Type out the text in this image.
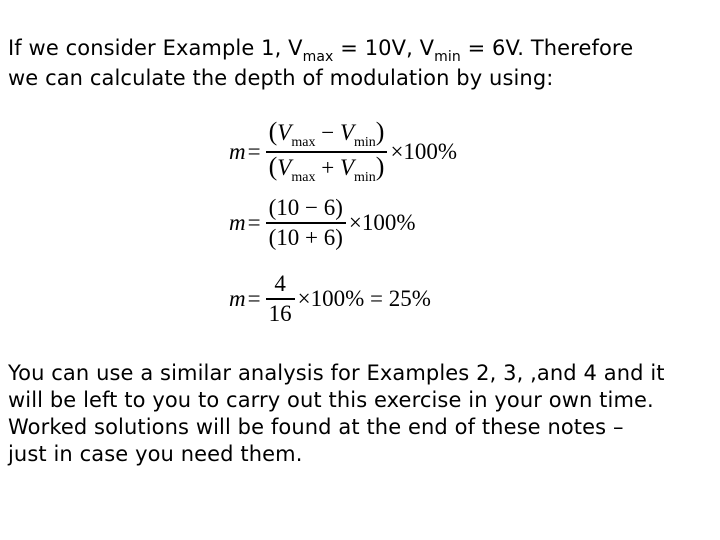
If we consider Example 1, $V_{max} = 10V$, $V_{min} = 6V$. Therefore
we can calculate the depth of modulation by using:
$m = \frac{(V_{max} - V_{min})}{(V_{max} + V_{min})} \times 100\%$
$m = \frac{(10 - 6)}{(10 + 6)} \times 100\%$
$m = \frac{4}{16} \times 100\% = 25\%$
You can use a similar analysis for Examples 2, 3, ,and 4 and it
will be left to you to carry out this exercise in your own time.
Worked solutions will be found at the end of these notes –
just in case you need them.
